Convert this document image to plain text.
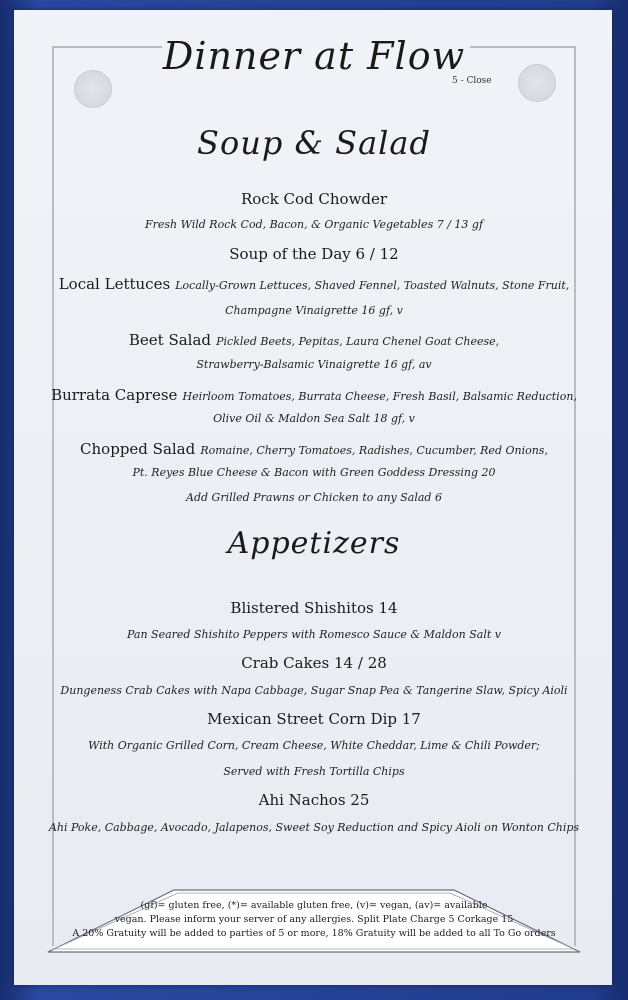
Dinner at Flow
5 - Close
Soup & Salad
Rock Cod Chowder
Fresh Wild Rock Cod, Bacon, & Organic Vegetables 7 / 13 gf
Soup of the Day 6 / 12
Local Lettuces Locally-Grown Lettuces, Shaved Fennel, Toasted Walnuts, Stone Fruit,
Champagne Vinaigrette 16 gf, v
Beet Salad Pickled Beets, Pepitas, Laura Chenel Goat Cheese,
Strawberry-Balsamic Vinaigrette 16 gf, av
Burrata Caprese Heirloom Tomatoes, Burrata Cheese, Fresh Basil, Balsamic Reduction,
Olive Oil & Maldon Sea Salt 18 gf, v
Chopped Salad Romaine, Cherry Tomatoes, Radishes, Cucumber, Red Onions,
Pt. Reyes Blue Cheese & Bacon with Green Goddess Dressing 20
Add Grilled Prawns or Chicken to any Salad 6
Appetizers
Blistered Shishitos 14
Pan Seared Shishito Peppers with Romesco Sauce & Maldon Salt v
Crab Cakes 14 / 28
Dungeness Crab Cakes with Napa Cabbage, Sugar Snap Pea & Tangerine Slaw, Spicy Aioli
Mexican Street Corn Dip 17
With Organic Grilled Corn, Cream Cheese, White Cheddar, Lime & Chili Powder;
Served with Fresh Tortilla Chips
Ahi Nachos 25
Ahi Poke, Cabbage, Avocado, Jalapenos, Sweet Soy Reduction and Spicy Aioli on Wonton Chips
(gf)= gluten free, (*)= available gluten free, (v)= vegan, (av)= available
vegan. Please inform your server of any allergies. Split Plate Charge 5 Corkage 15
A 20% Gratuity will be added to parties of 5 or more, 18% Gratuity will be added to all To Go orders
